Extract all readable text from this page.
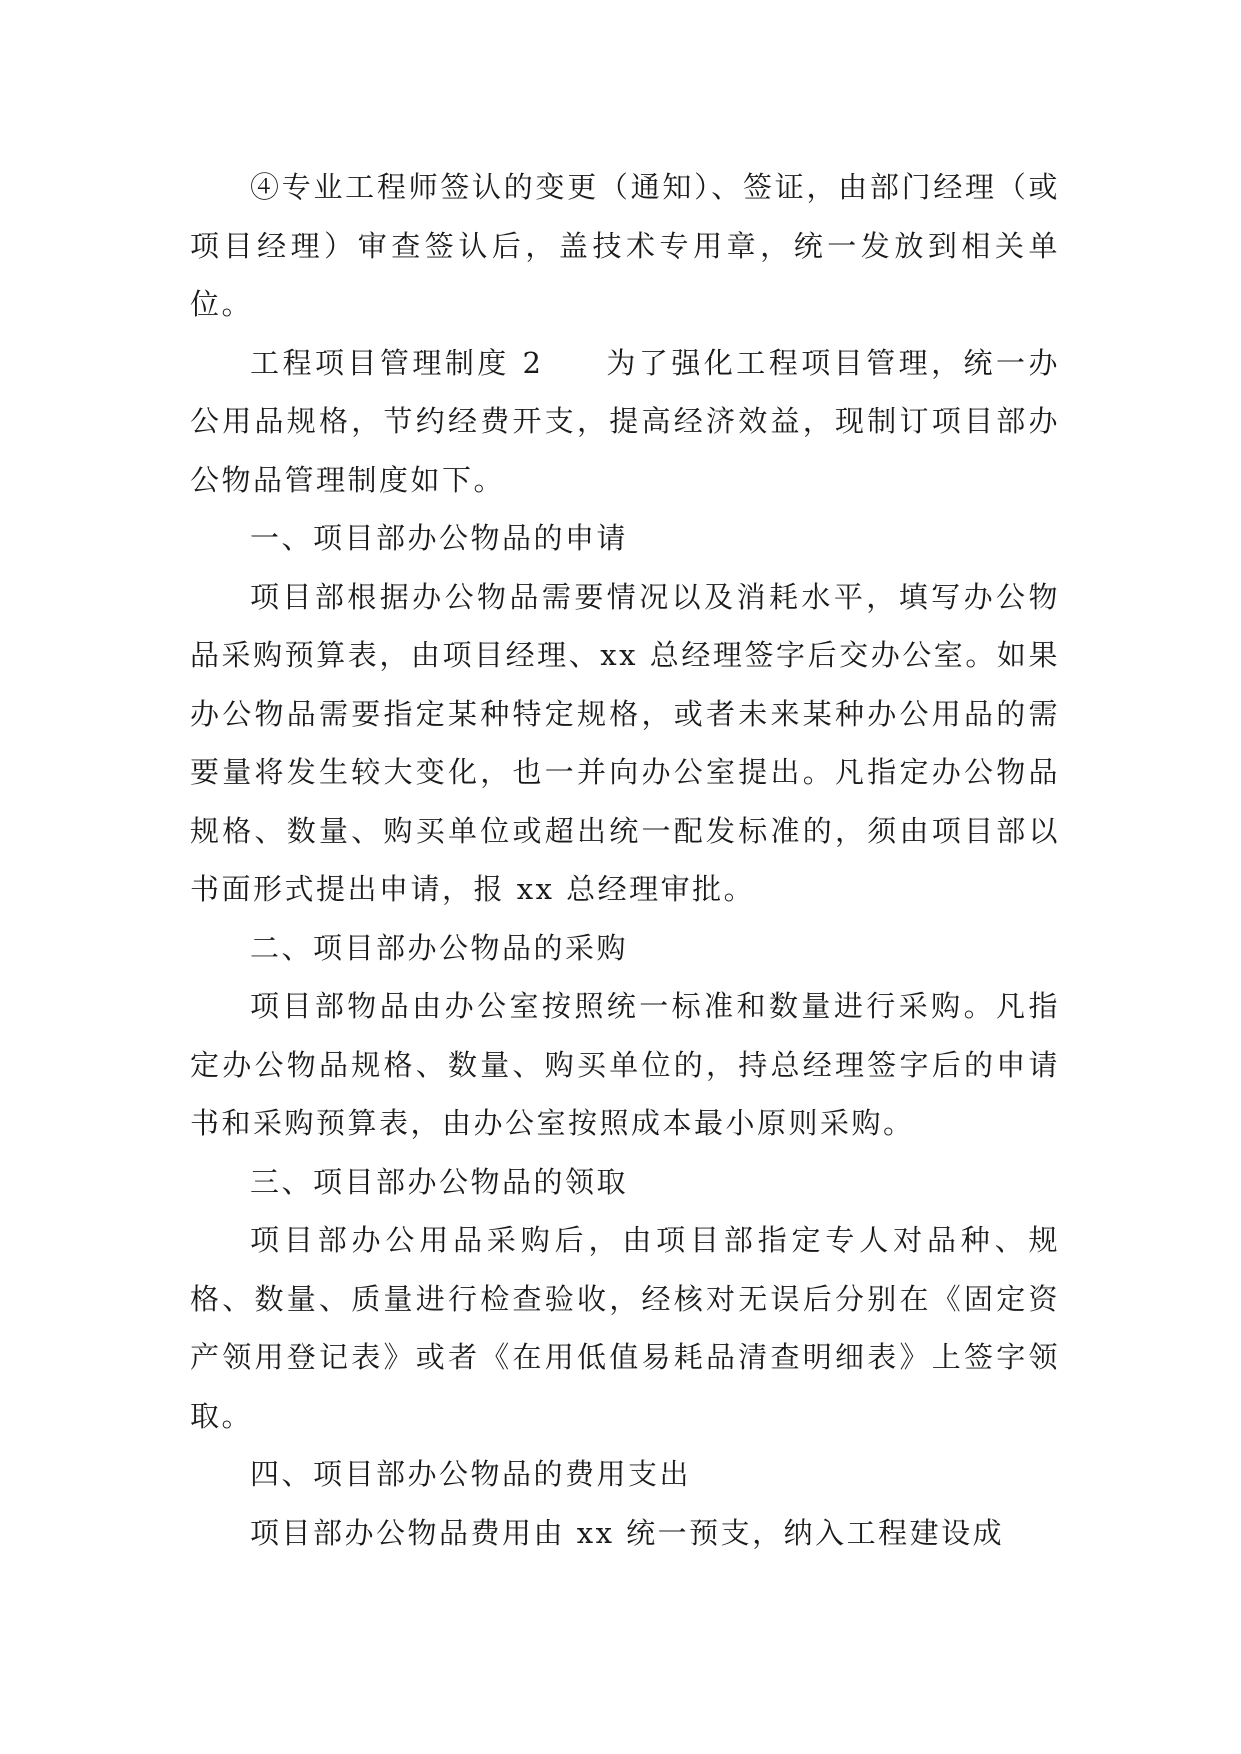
④专业工程师签认的变更（通知）、签证，由部门经理（或项目经理）审查签认后，盖技术专用章，统一发放到相关单位。

工程项目管理制度 2 为了强化工程项目管理，统一办公用品规格，节约经费开支，提高经济效益，现制订项目部办公物品管理制度如下。

一、项目部办公物品的申请

项目部根据办公物品需要情况以及消耗水平，填写办公物品采购预算表，由项目经理、xx 总经理签字后交办公室。如果办公物品需要指定某种特定规格，或者未来某种办公用品的需要量将发生较大变化，也一并向办公室提出。凡指定办公物品规格、数量、购买单位或超出统一配发标准的，须由项目部以书面形式提出申请，报 xx 总经理审批。

二、项目部办公物品的采购

项目部物品由办公室按照统一标准和数量进行采购。凡指定办公物品规格、数量、购买单位的，持总经理签字后的申请书和采购预算表，由办公室按照成本最小原则采购。

三、项目部办公物品的领取

项目部办公用品采购后，由项目部指定专人对品种、规格、数量、质量进行检查验收，经核对无误后分别在《固定资产领用登记表》或者《在用低值易耗品清查明细表》上签字领取。

四、项目部办公物品的费用支出

项目部办公物品费用由 xx 统一预支，纳入工程建设成
